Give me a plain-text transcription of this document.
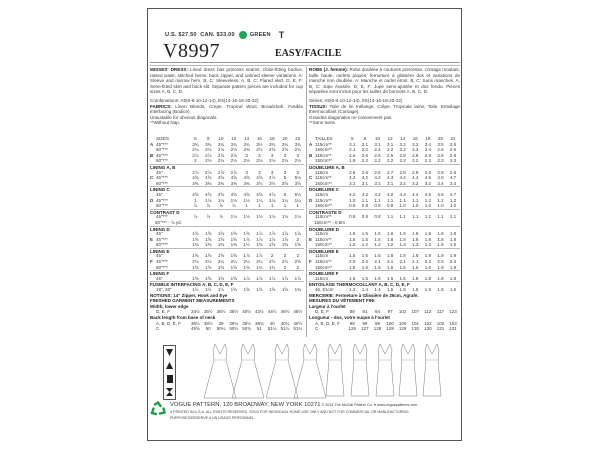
U.S. $27.50
CAN. $33.00	GREEN T
V8997	EASY/FACILE

MISSES' DRESS: Lined dress has princess seams, close-fitting bodice, raised waist, stitched hems, back zipper, and unlined sleeve variations. A: Sleeve and narrow hem. B, C: Sleeveless. A, B, C: Flared skirt. D, E, F: Semi-fitted skirt and back slit. Separate pattern pieces are included for cup sizes A, B, C, D.

Combinations: A5(6-8-10-12-14), E5(14-16-18-20-22)

FABRICS: Linen Blends, Crepe, Tropical Wool, Broadcloth. Fusible interfacing (Bodice).

Unsuitable for obvious diagonals.

**Without Nap.

ROBE (J. femme): Robe doublée à coutures princesse, corsage moulant, taille haute, ourlets piqués, fermeture à glissière dos et variations de manche non doublée. A: Manche et ourlet étroit. B, C: Sans manches. A, B, C: Jupe évasée. D, E, F: Jupe semi-ajustée et dos fendu. Pièces séparées sont inclus pour les tailles de bonnets A, B, C, D.

Séries: A5(6-8-10-12-14), E5(14-16-18-20-22)

TISSUS: Toile de lin mélange, Crêpe, Tropicale laine, Toile. Entoilage thermocollant (Corsage).

Grandes diagonales ne conviennent pas.

**Sans Sens.

SIZES	6	8	10	12	14	16	18	20	22
A 45"***	3¾	3¾	3¾	3¾	3¾	3½	3¾	3¾	3¾
60"***	2⅛	2⅛	2⅛	2⅛	2⅜	2½	2⅝	2⅝	2¾
B 45"***	2⅞	2⅞	2⅞	2⅞	3	3	3	3	3
60"***	2	2⅛	2⅛	2⅛	2⅛	2⅛	2⅛	2⅛	2⅛
LINING A, B
45"	2⅞	2⅞	2⅞	2⅞	3	3	3	3	3
C 45"***	4⅝	4⅝	4⅝	4⅝	4⅝	4⅝	4⅞	5	5⅛
60"***	3⅜	3⅜	3⅜	3⅜	3⅜	3½	3½	3⅝	3⅝
LINING C
45"	4⅝	4⅝	4⅝	4⅝	4⅝	4⅝	4⅞	5	5⅛
D 45"***	1	1⅛	1⅛	1⅛	1⅛	1⅛	1⅛	1¼	1¼
60"***	⅞	⅞	⅞	⅞	1	1	1	1	1
CONTRAST D
45"***	⅞	⅞	⅞	1⅛	1⅛	1⅛	1⅛	1⅛	1⅛
60"*** - ⅞ yd.
LINING D
45"	1⅝	1⅝	1⅝	1⅝	1⅝	1⅞	1⅞	1⅞	1⅞
E 45"***	1⅝	1⅝	1⅝	1⅝	1⅞	1⅞	1⅞	1⅞	2
60"***	1⅜	1⅜	1⅜	1⅜	1½	1⅝	1⅝	1⅝	1⅝
LINING E
45"	1⅝	1⅝	1⅝	1⅝	1⅞	1⅞	2	2	2
F 45"***	2⅛	2⅛	2¼	2¼	2¼	2¼	2½	2½	2⅝
60"***	1⅝	1⅝	1⅝	1⅝	1⅝	1¾	1¾	2	2
LINING F
45"	1⅝	1⅝	1⅝	1⅝	1⅞	1⅞	1⅞	1⅞	1⅞
FUSIBLE INTERFACING A, B, C, D, E, F
18", 20"	1½	1½	1½	1⅝	1⅝	1⅝	1⅝	1⅝	1¾
NOTIONS: 14" Zipper, Hook and Eye
FINISHED GARMENT MEASUREMENTS
Width, lower edge
D, E, F	34½ 35½ 36½ 38½ 40½ 42½ 44½ 46½ 48½
Back length from base of neck
A, B, D, E, F	38½ 38½	39	39¼ 39½ 39¾	40	40¼ 40½
C	49⅝	50	50¼ 50½ 50¾	51	51¼ 51½ 51¾
TAILLES	6	8	10	12	14	16	18	20	22
A 115cm**	3.1	3.1	3.1	3.1	3.2	3.2	3.4	3.5	3.5
150cm**	2.1	2.2	2.2	2.2	2.2	2.3	2.4	2.6	2.6
B 115cm**	2.6	2.6	2.6	2.6	2.8	2.8	2.8	2.8	2.8
150cm**	1.9	2.2	2.2	2.2	2.2	2.2	2.3	2.3	2.3
DOUBLURE A, B
115cm	2.6	2.6	2.6	2.7	2.8	2.8	2.8	2.8	2.8
C 115cm**	4.2	4.2	4.2	4.3	4.4	4.4	4.5	4.6	4.7
150cm**	3.1	3.1	3.1	3.1	3.2	3.2	3.2	3.4	3.4
DOUBLURE C
115cm	4.2	4.2	4.2	4.2	4.4	4.4	4.5	4.6	4.7
D 115cm**	1.0	1.1	1.1	1.1	1.1	1.1	1.2	1.2	1.2
150cm**	0.8	0.8	0.8	0.8	1.0	1.0	1.0	1.0	1.0
CONTRASTE D
115cm**	0.8	0.8	0.8	1.1	1.1	1.1	1.1	1.1	1.1
150cm** - 0.8m
DOUBLURE D
115cm	1.5	1.5	1.5	1.6	1.6	1.8	1.8	1.8	1.8
E 115cm**	1.5	1.5	1.5	1.8	1.8	1.8	1.8	1.8	1.8
150cm**	1.2	1.2	1.2	1.2	1.3	1.3	1.3	1.5	1.5
DOUBLURE E
115cm	1.5	1.5	1.5	1.8	1.8	1.8	1.9	1.9	1.9
F 115cm**	2.0	2.0	2.1	2.1	2.1	2.1	2.3	2.3	2.4
150cm**	1.5	1.5	1.5	1.6	1.6	1.6	1.6	1.9	1.9
DOUBLURE F
115cm	1.5	1.5	1.5	1.6	1.6	1.8	1.8	1.8	1.8
ENTOILAGE THERMOCOLLANT A, B, C, D, E, F
46, 51cm	1.3	1.4	1.4	1.5	1.5	1.5	1.5	1.5	1.6
MERCERIE: Fermeture à Glissière de 35cm, Agrafe.
MESURES DU VÊTEMENT FINI
Largeur à l'ourlet
D, E, F	88	91	94	97	102	107	112	117	123
Longueur - dos, votre nuque à l'ourlet
A, B, D, E, F	98	99	99	100	100	101	102	102	103
C	126	127	128	128	129	130	130	131	131
VOGUE PATTERN, 120 BROADWAY, NEW YORK 10271 © 2014 The McCall Pattern Co. ● www.voguepatterns.com
● PRINTED IN U.S.A. ALL RIGHTS RESERVED. SOLD FOR INDIVIDUAL HOME USE ONLY AND NOT FOR COMMERCIAL OR MANUFACTURING
PURPOSES/RESERVE A UN USAGE PERSONNEL.
